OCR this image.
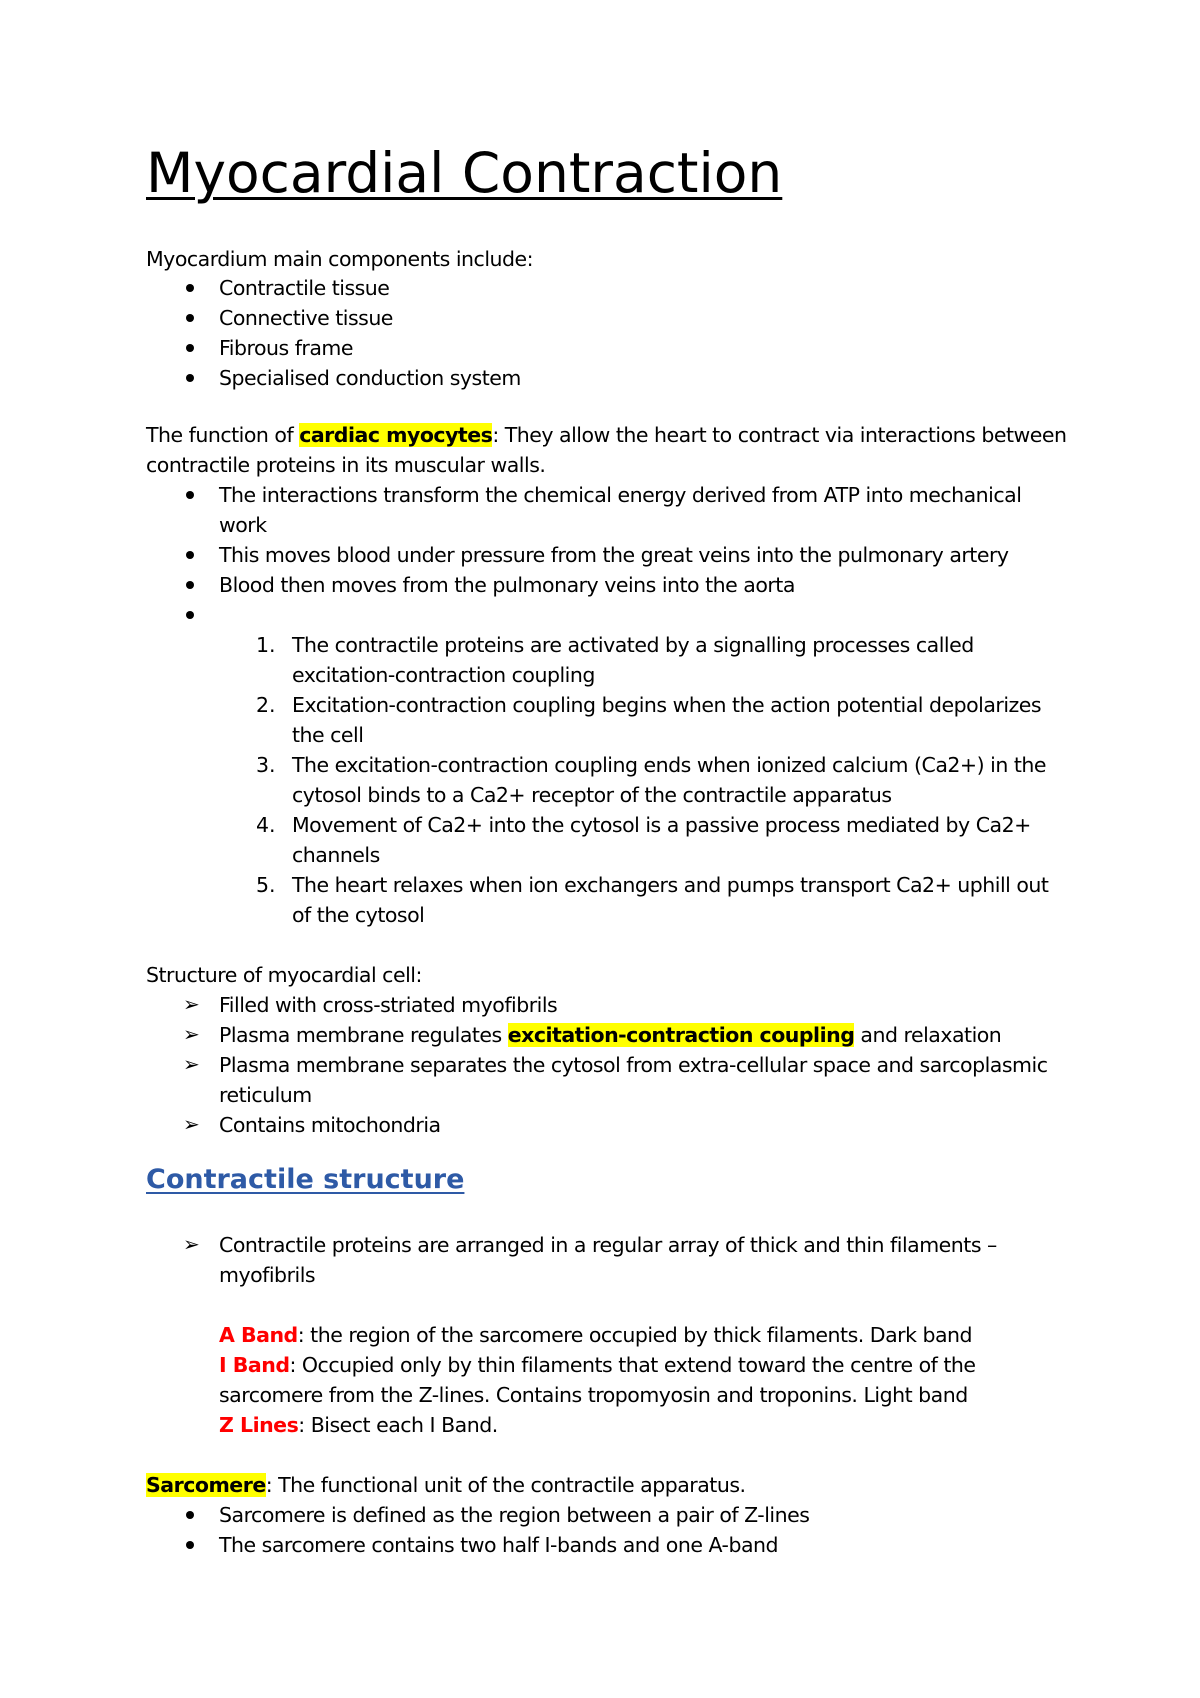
Myocardial Contraction
Myocardium main components include:
Contractile tissue
Connective tissue
Fibrous frame
Specialised conduction system
The function of cardiac myocytes: They allow the heart to contract via interactions between
contractile proteins in its muscular walls.
The interactions transform the chemical energy derived from ATP into mechanical
work
This moves blood under pressure from the great veins into the pulmonary artery
Blood then moves from the pulmonary veins into the aorta
1. The contractile proteins are activated by a signalling processes called
excitation-contraction coupling
2. Excitation-contraction coupling begins when the action potential depolarizes
the cell
3. The excitation-contraction coupling ends when ionized calcium (Ca2+) in the
cytosol binds to a Ca2+ receptor of the contractile apparatus
4. Movement of Ca2+ into the cytosol is a passive process mediated by Ca2+
channels
5. The heart relaxes when ion exchangers and pumps transport Ca2+ uphill out
of the cytosol
Structure of myocardial cell:
➢ Filled with cross-striated myofibrils
➢ Plasma membrane regulates excitation-contraction coupling and relaxation
➢ Plasma membrane separates the cytosol from extra-cellular space and sarcoplasmic
reticulum
➢ Contains mitochondria
Contractile structure
➢ Contractile proteins are arranged in a regular array of thick and thin filaments –
myofibrils
A Band: the region of the sarcomere occupied by thick filaments. Dark band
I Band: Occupied only by thin filaments that extend toward the centre of the
sarcomere from the Z-lines. Contains tropomyosin and troponins. Light band
Z Lines: Bisect each I Band.
Sarcomere: The functional unit of the contractile apparatus.
Sarcomere is defined as the region between a pair of Z-lines
The sarcomere contains two half I-bands and one A-band
